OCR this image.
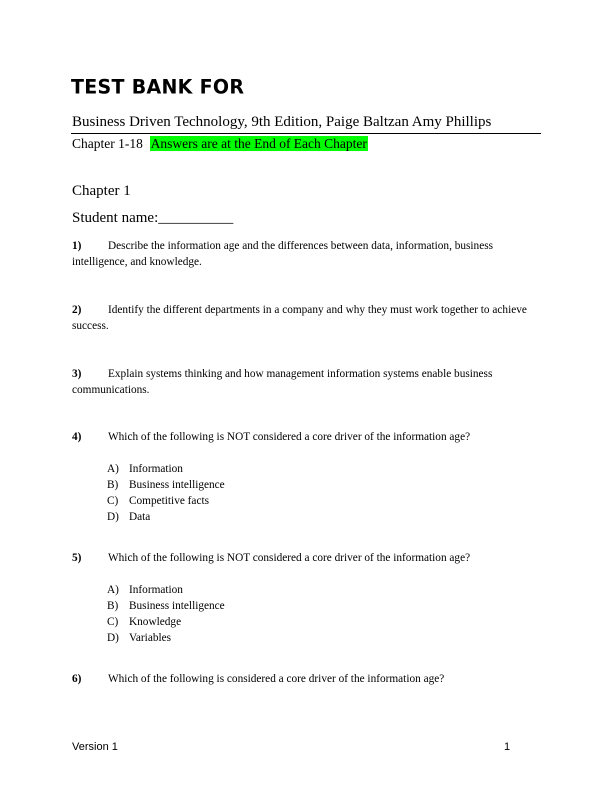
TEST BANK FOR
Business Driven Technology, 9th Edition, Paige Baltzan Amy Phillips
Chapter 1-18 Answers are at the End of Each Chapter
Chapter 1
Student name:__________
1) Describe the information age and the differences between data, information, business intelligence, and knowledge.
2) Identify the different departments in a company and why they must work together to achieve success.
3) Explain systems thinking and how management information systems enable business communications.
4) Which of the following is NOT considered a core driver of the information age?
A) Information
B) Business intelligence
C) Competitive facts
D) Data
5) Which of the following is NOT considered a core driver of the information age?
A) Information
B) Business intelligence
C) Knowledge
D) Variables
6) Which of the following is considered a core driver of the information age?
Version 1	1
